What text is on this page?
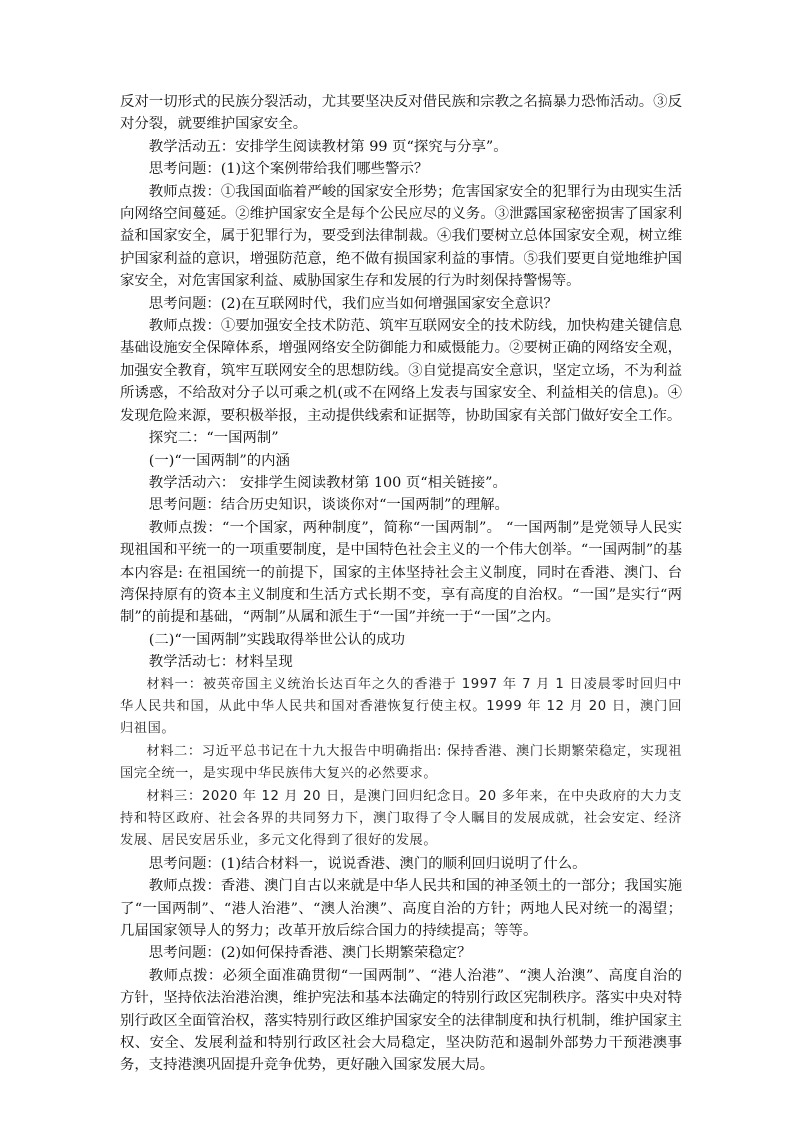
反对一切形式的民族分裂活动，尤其要坚决反对借民族和宗教之名搞暴力恐怖活动。③反对分裂，就要维护国家安全。

教学活动五：安排学生阅读教材第 99 页“探究与分享”。

思考问题：(1)这个案例带给我们哪些警示？

教师点拨：①我国面临着严峻的国家安全形势；危害国家安全的犯罪行为由现实生活向网络空间蔓延。②维护国家安全是每个公民应尽的义务。③泄露国家秘密损害了国家利益和国家安全，属于犯罪行为，要受到法律制裁。④我们要树立总体国家安全观，树立维护国家利益的意识，增强防范意，绝不做有损国家利益的事情。⑤我们要更自觉地维护国家安全，对危害国家利益、威胁国家生存和发展的行为时刻保持警惕等。

思考问题：(2)在互联网时代，我们应当如何增强国家安全意识？

教师点拨：①要加强安全技术防范、筑牢互联网安全的技术防线，加快构建关键信息基础设施安全保障体系，增强网络安全防御能力和威慑能力。②要树正确的网络安全观，加强安全教育，筑牢互联网安全的思想防线。③自觉提高安全意识，坚定立场，不为利益所诱惑，不给敌对分子以可乘之机(或不在网络上发表与国家安全、利益相关的信息)。④发现危险来源，要积极举报，主动提供线索和证据等，协助国家有关部门做好安全工作。

探究二：“一国两制”

(一)“一国两制”的内涵

教学活动六： 安排学生阅读教材第 100 页“相关链接”。

思考问题：结合历史知识，谈谈你对“一国两制”的理解。

教师点拨：“一个国家，两种制度”，简称“一国两制”。 “一国两制”是党领导人民实现祖国和平统一的一项重要制度，是中国特色社会主义的一个伟大创举。“一国两制”的基本内容是: 在祖国统一的前提下，国家的主体坚持社会主义制度，同时在香港、澳门、台湾保持原有的资本主义制度和生活方式长期不变，享有高度的自治权。“一国”是实行“两制”的前提和基础，“两制”从属和派生于“一国”并统一于“一国”之内。

(二)“一国两制”实践取得举世公认的成功

教学活动七：材料呈现

材料一：被英帝国主义统治长达百年之久的香港于 1997 年 7 月 1 日凌晨零时回归中华人民共和国，从此中华人民共和国对香港恢复行使主权。1999 年 12 月 20 日，澳门回归祖国。

材料二：习近平总书记在十九大报告中明确指出: 保持香港、澳门长期繁荣稳定，实现祖国完全统一，是实现中华民族伟大复兴的必然要求。

材料三：2020 年 12 月 20 日，是澳门回归纪念日。20 多年来，在中央政府的大力支持和特区政府、社会各界的共同努力下，澳门取得了令人瞩目的发展成就，社会安定、经济发展、居民安居乐业，多元文化得到了很好的发展。

思考问题：(1)结合材料一，说说香港、澳门的顺利回归说明了什么。

教师点拨：香港、澳门自古以来就是中华人民共和国的神圣领土的一部分；我国实施了“一国两制”、“港人治港”、“澳人治澳”、高度自治的方针；两地人民对统一的渴望；几届国家领导人的努力；改革开放后综合国力的持续提高；等等。

思考问题：(2)如何保持香港、澳门长期繁荣稳定？

教师点拨：必须全面准确贯彻“一国两制”、“港人治港”、“澳人治澳”、高度自治的方针，坚持依法治港治澳，维护宪法和基本法确定的特别行政区宪制秩序。落实中央对特别行政区全面管治权，落实特别行政区维护国家安全的法律制度和执行机制，维护国家主权、安全、发展利益和特别行政区社会大局稳定，坚决防范和遏制外部势力干预港澳事务，支持港澳巩固提升竞争优势，更好融入国家发展大局。
